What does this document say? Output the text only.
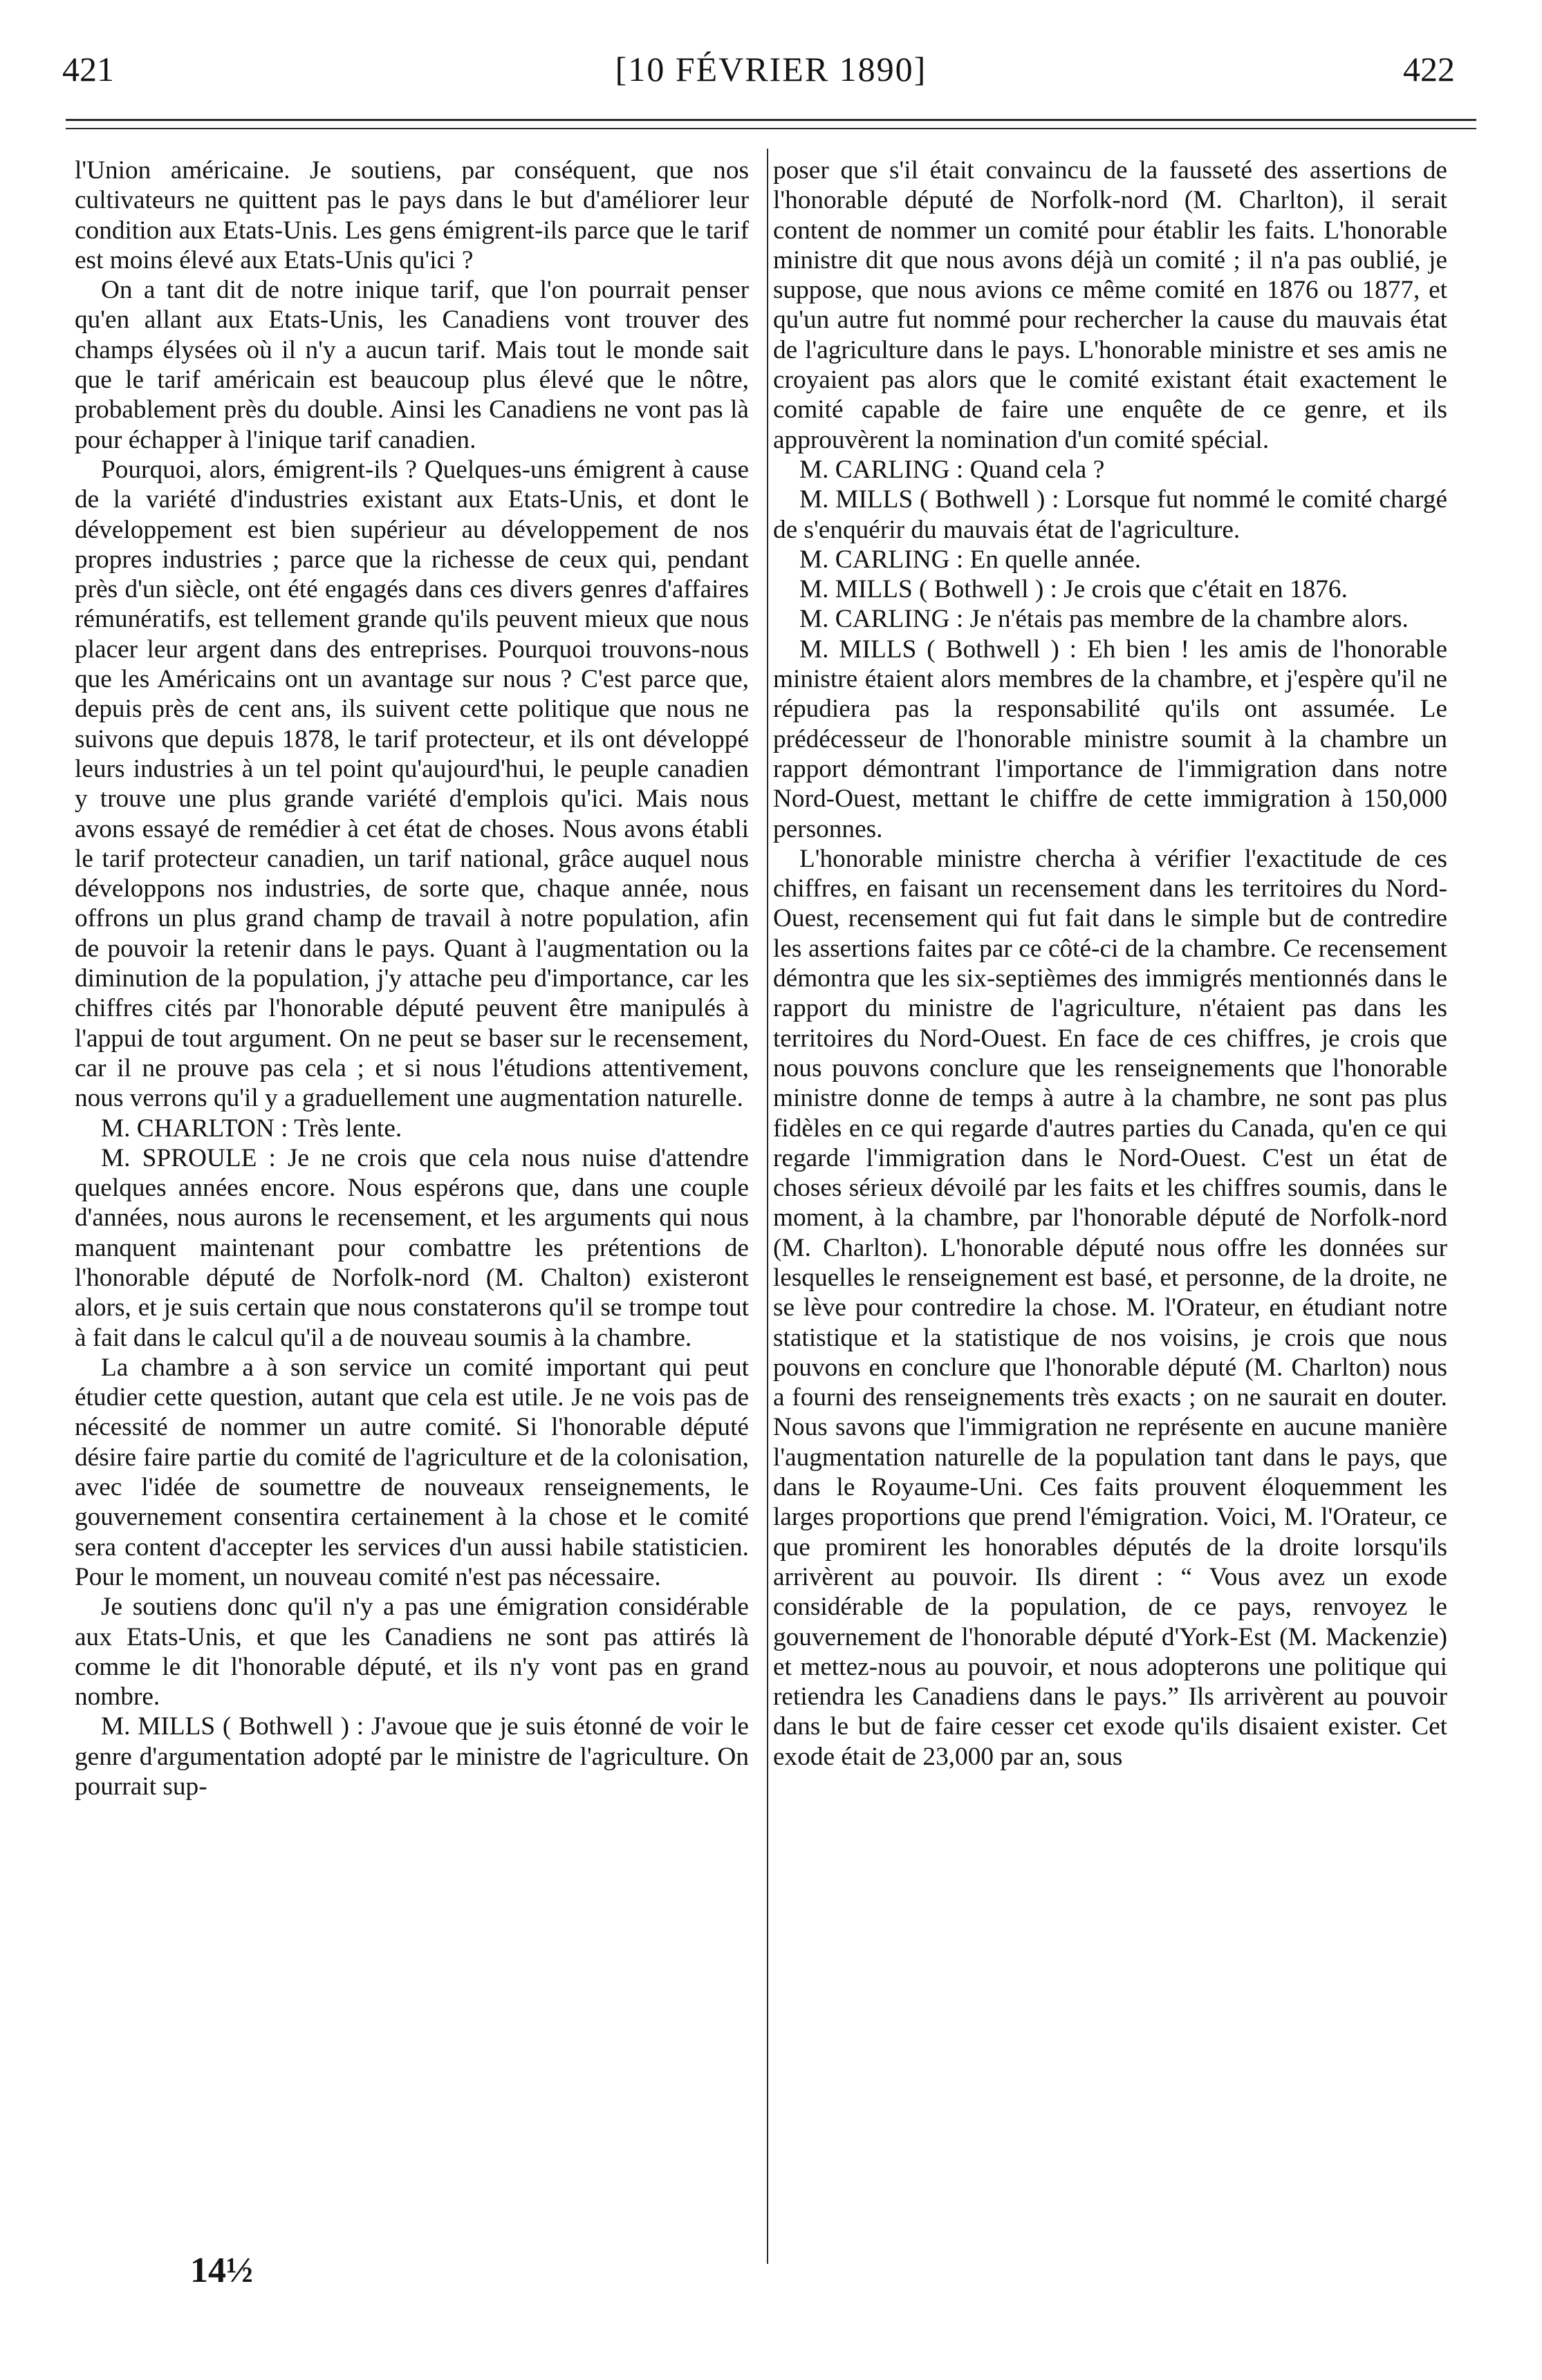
421	[10 FÉVRIER 1890]	422

l'Union américaine. Je soutiens, par conséquent, que nos cultivateurs ne quittent pas le pays dans le but d'améliorer leur condition aux Etats-Unis. Les gens émigrent-ils parce que le tarif est moins élevé aux Etats-Unis qu'ici ?

On a tant dit de notre inique tarif, que l'on pourrait penser qu'en allant aux Etats-Unis, les Canadiens vont trouver des champs élysées où il n'y a aucun tarif. Mais tout le monde sait que le tarif américain est beaucoup plus élevé que le nôtre, probablement près du double. Ainsi les Canadiens ne vont pas là pour échapper à l'inique tarif canadien.

Pourquoi, alors, émigrent-ils ? Quelques-uns émigrent à cause de la variété d'industries existant aux Etats-Unis, et dont le développement est bien supérieur au développement de nos propres industries ; parce que la richesse de ceux qui, pendant près d'un siècle, ont été engagés dans ces divers genres d'affaires rémunératifs, est tellement grande qu'ils peuvent mieux que nous placer leur argent dans des entreprises. Pourquoi trouvons-nous que les Américains ont un avantage sur nous ? C'est parce que, depuis près de cent ans, ils suivent cette politique que nous ne suivons que depuis 1878, le tarif protecteur, et ils ont développé leurs industries à un tel point qu'aujourd'hui, le peuple canadien y trouve une plus grande variété d'emplois qu'ici. Mais nous avons essayé de remédier à cet état de choses. Nous avons établi le tarif protecteur canadien, un tarif national, grâce auquel nous développons nos industries, de sorte que, chaque année, nous offrons un plus grand champ de travail à notre population, afin de pouvoir la retenir dans le pays. Quant à l'augmentation ou la diminution de la population, j'y attache peu d'importance, car les chiffres cités par l'honorable député peuvent être manipulés à l'appui de tout argument. On ne peut se baser sur le recensement, car il ne prouve pas cela ; et si nous l'étudions attentivement, nous verrons qu'il y a graduellement une augmentation naturelle.

M. CHARLTON : Très lente.

M. SPROULE : Je ne crois que cela nous nuise d'attendre quelques années encore. Nous espérons que, dans une couple d'années, nous aurons le recensement, et les arguments qui nous manquent maintenant pour combattre les prétentions de l'honorable député de Norfolk-nord (M. Chalton) existeront alors, et je suis certain que nous constaterons qu'il se trompe tout à fait dans le calcul qu'il a de nouveau soumis à la chambre.

La chambre a à son service un comité important qui peut étudier cette question, autant que cela est utile. Je ne vois pas de nécessité de nommer un autre comité. Si l'honorable député désire faire partie du comité de l'agriculture et de la colonisation, avec l'idée de soumettre de nouveaux renseignements, le gouvernement consentira certainement à la chose et le comité sera content d'accepter les services d'un aussi habile statisticien. Pour le moment, un nouveau comité n'est pas nécessaire.

Je soutiens donc qu'il n'y a pas une émigration considérable aux Etats-Unis, et que les Canadiens ne sont pas attirés là comme le dit l'honorable député, et ils n'y vont pas en grand nombre.

M. MILLS ( Bothwell ) : J'avoue que je suis étonné de voir le genre d'argumentation adopté par le ministre de l'agriculture. On pourrait sup-

poser que s'il était convaincu de la fausseté des assertions de l'honorable député de Norfolk-nord (M. Charlton), il serait content de nommer un comité pour établir les faits. L'honorable ministre dit que nous avons déjà un comité ; il n'a pas oublié, je suppose, que nous avions ce même comité en 1876 ou 1877, et qu'un autre fut nommé pour rechercher la cause du mauvais état de l'agriculture dans le pays. L'honorable ministre et ses amis ne croyaient pas alors que le comité existant était exactement le comité capable de faire une enquête de ce genre, et ils approuvèrent la nomination d'un comité spécial.

M. CARLING : Quand cela ?

M. MILLS ( Bothwell ) : Lorsque fut nommé le comité chargé de s'enquérir du mauvais état de l'agriculture.

M. CARLING : En quelle année.

M. MILLS ( Bothwell ) : Je crois que c'était en 1876.

M. CARLING : Je n'étais pas membre de la chambre alors.

M. MILLS ( Bothwell ) : Eh bien ! les amis de l'honorable ministre étaient alors membres de la chambre, et j'espère qu'il ne répudiera pas la responsabilité qu'ils ont assumée. Le prédécesseur de l'honorable ministre soumit à la chambre un rapport démontrant l'importance de l'immigration dans notre Nord-Ouest, mettant le chiffre de cette immigration à 150,000 personnes.

L'honorable ministre chercha à vérifier l'exactitude de ces chiffres, en faisant un recensement dans les territoires du Nord-Ouest, recensement qui fut fait dans le simple but de contredire les assertions faites par ce côté-ci de la chambre. Ce recensement démontra que les six-septièmes des immigrés mentionnés dans le rapport du ministre de l'agriculture, n'étaient pas dans les territoires du Nord-Ouest. En face de ces chiffres, je crois que nous pouvons conclure que les renseignements que l'honorable ministre donne de temps à autre à la chambre, ne sont pas plus fidèles en ce qui regarde d'autres parties du Canada, qu'en ce qui regarde l'immigration dans le Nord-Ouest. C'est un état de choses sérieux dévoilé par les faits et les chiffres soumis, dans le moment, à la chambre, par l'honorable député de Norfolk-nord (M. Charlton). L'honorable député nous offre les données sur lesquelles le renseignement est basé, et personne, de la droite, ne se lève pour contredire la chose. M. l'Orateur, en étudiant notre statistique et la statistique de nos voisins, je crois que nous pouvons en conclure que l'honorable député (M. Charlton) nous a fourni des renseignements très exacts ; on ne saurait en douter. Nous savons que l'immigration ne représente en aucune manière l'augmentation naturelle de la population tant dans le pays, que dans le Royaume-Uni. Ces faits prouvent éloquemment les larges proportions que prend l'émigration. Voici, M. l'Orateur, ce que promirent les honorables députés de la droite lorsqu'ils arrivèrent au pouvoir. Ils dirent : “ Vous avez un exode considérable de la population, de ce pays, renvoyez le gouvernement de l'honorable député d'York-Est (M. Mackenzie) et mettez-nous au pouvoir, et nous adopterons une politique qui retiendra les Canadiens dans le pays.” Ils arrivèrent au pouvoir dans le but de faire cesser cet exode qu'ils disaient exister. Cet exode était de 23,000 par an, sous

14½
